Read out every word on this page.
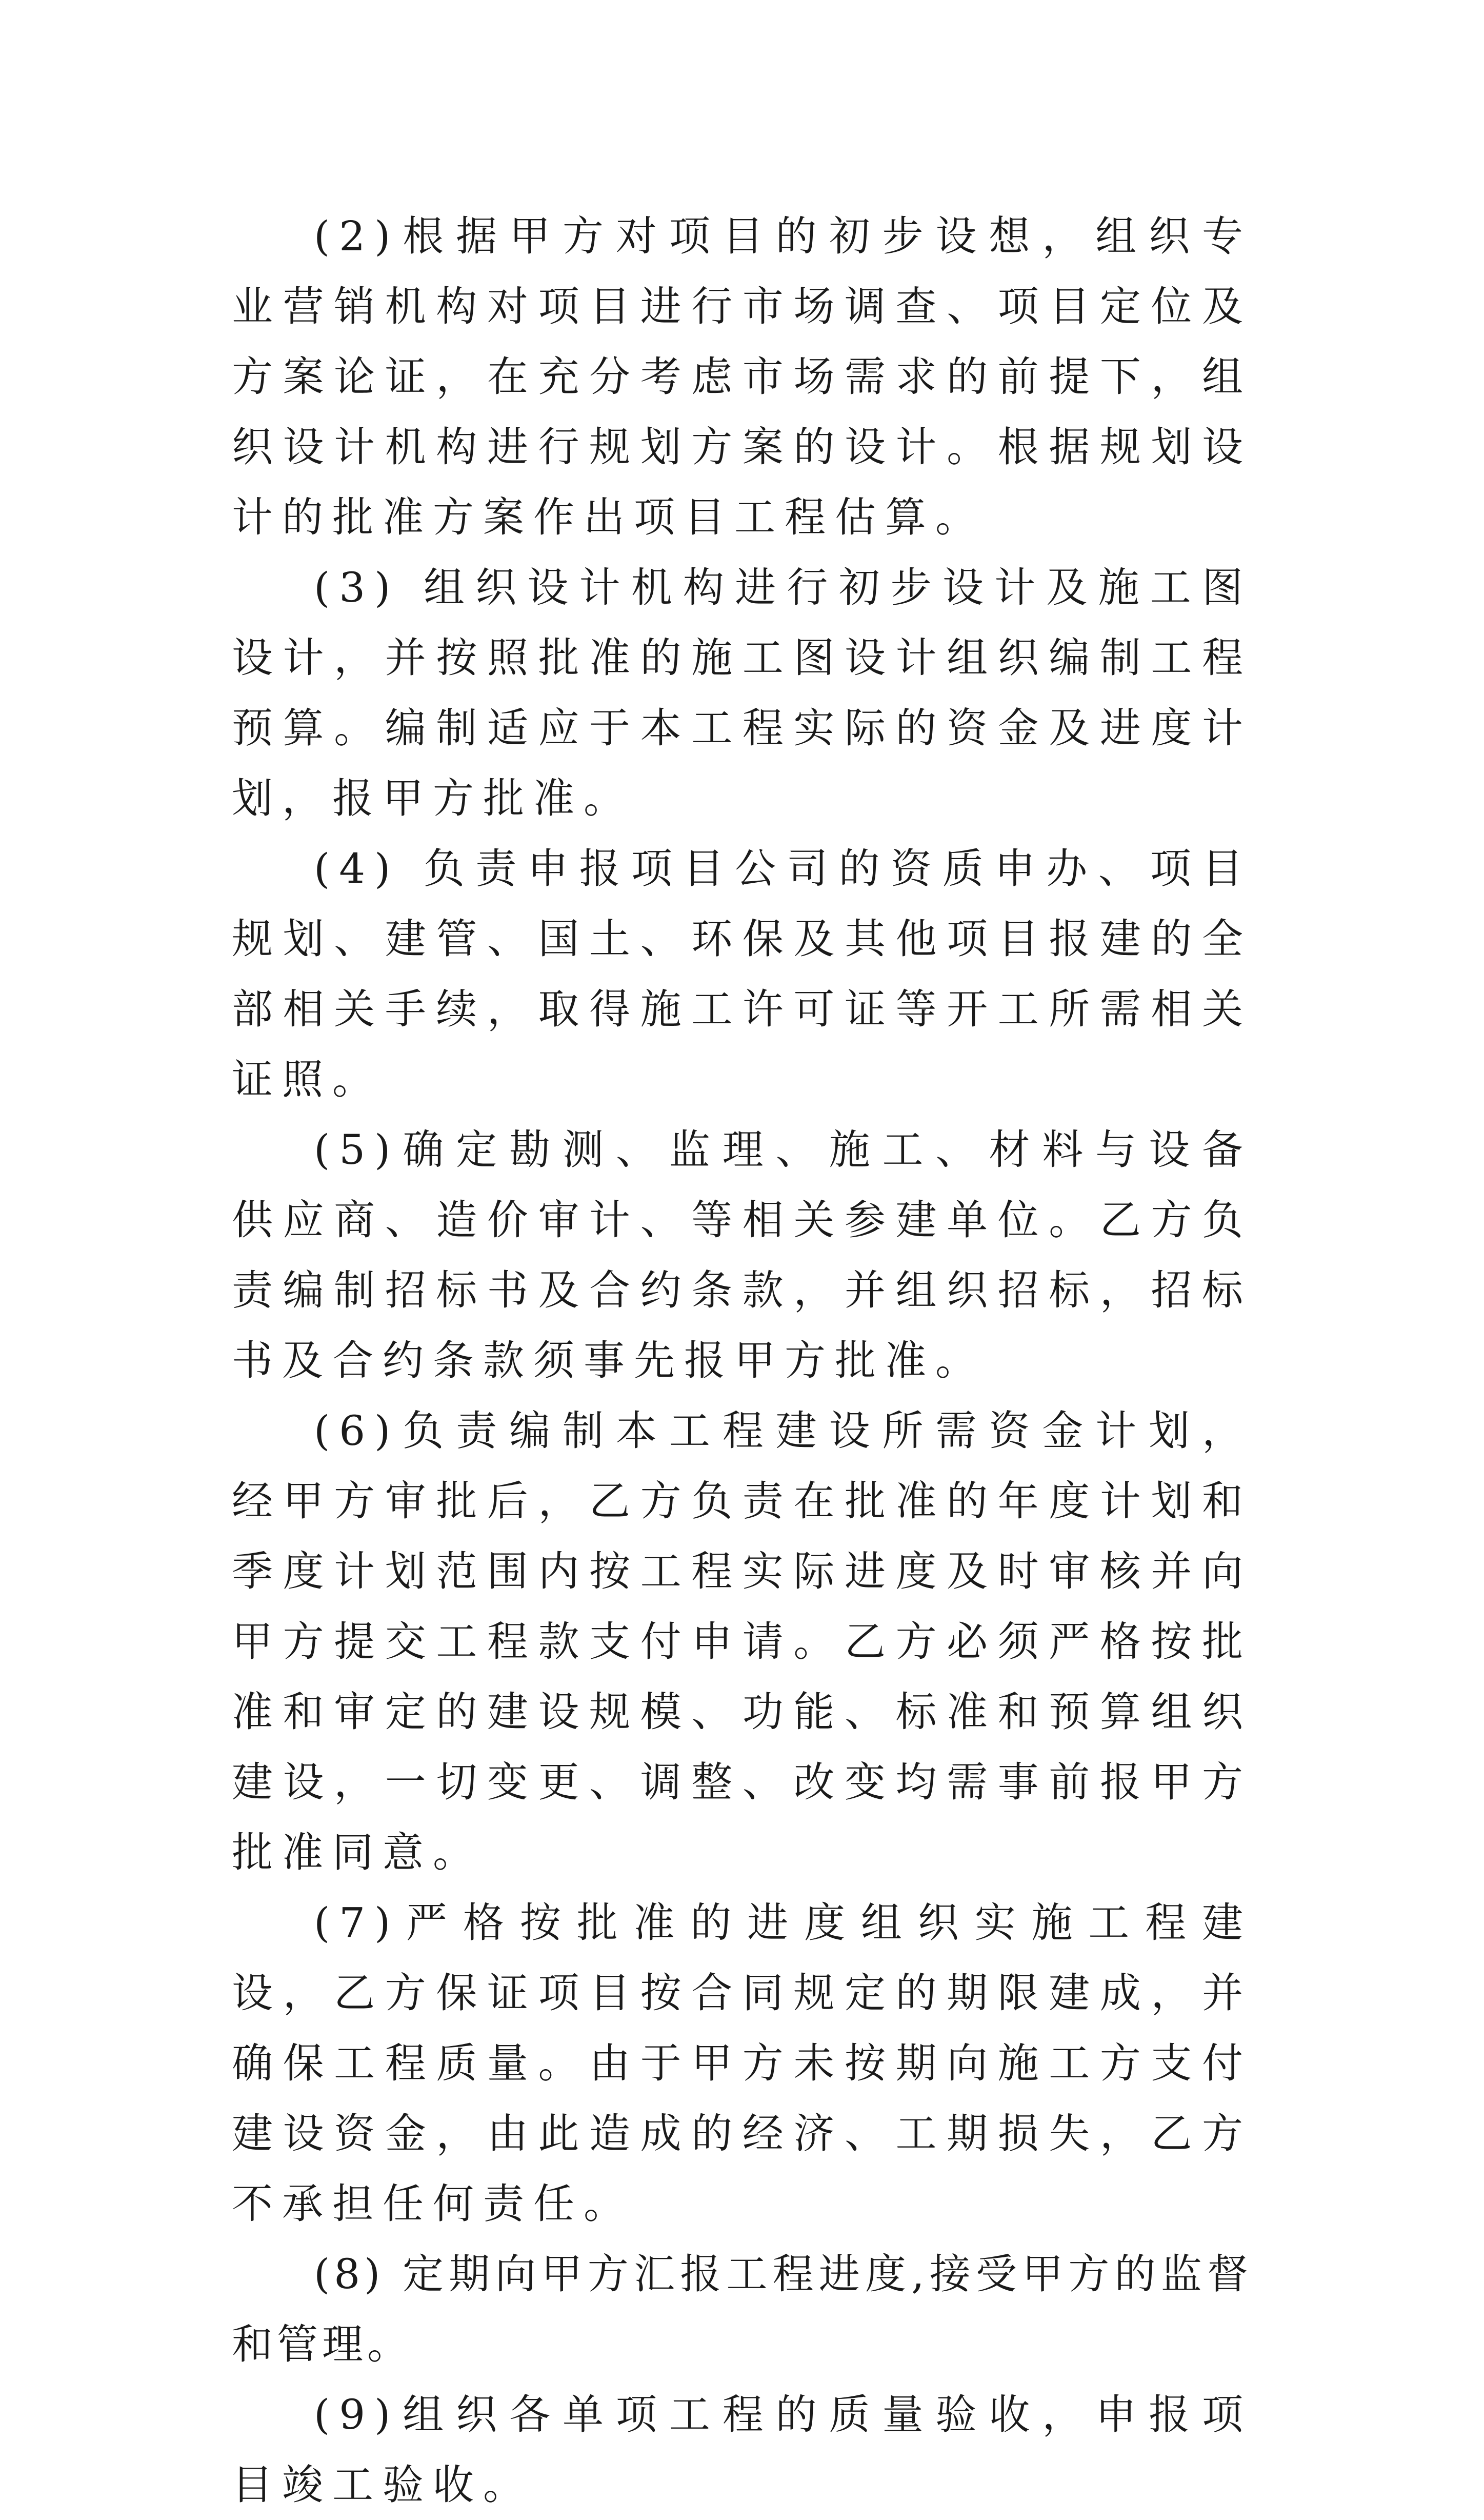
(2)根据甲方对项目的初步设想，组织专业营销机构对项目进行市场调查、项目定位及方案论证，在充分考虑市场需求的前提下，组织设计机构进行规划方案的设计。根据规划设计的批准方案作出项目工程估算。

(3) 组织设计机构进行初步设计及施工图设计，并按照批准的施工图设计组织编制工程预算。编制适应于本工程实际的资金及进度计划，报甲方批准。

(4) 负责申报项目公司的资质申办、项目规划、建管、国土、环保及其他项目报建的全部相关手续，取得施工许可证等开工所需相关证照。

(5)确定勘测、监理、施工、材料与设备供应商、造价审计、等相关参建单位。乙方负责编制招标书及合约条款，并组织招标，招标书及合约条款须事先报甲方批准。

(6)负责编制本工程建设所需资金计划，经甲方审批后，乙方负责在批准的年度计划和季度计划范围内按工程实际进度及时审核并向甲方提交工程款支付申请。乙方必须严格按批准和审定的建设规模、功能、标准和预算组织建设，一切变更、调整、改变均需事前报甲方批准同意。

(7)严格按批准的进度组织实施工程建设，乙方保证项目按合同规定的期限建成，并确保工程质量。由于甲方未按期向施工方支付建设资金，由此造成的经济、工期损失，乙方不承担任何责任。

(8) 定期向甲方汇报工程进度,接受甲方的监督和管理。

(9)组织各单项工程的质量验收，申报项目竣工验收。
